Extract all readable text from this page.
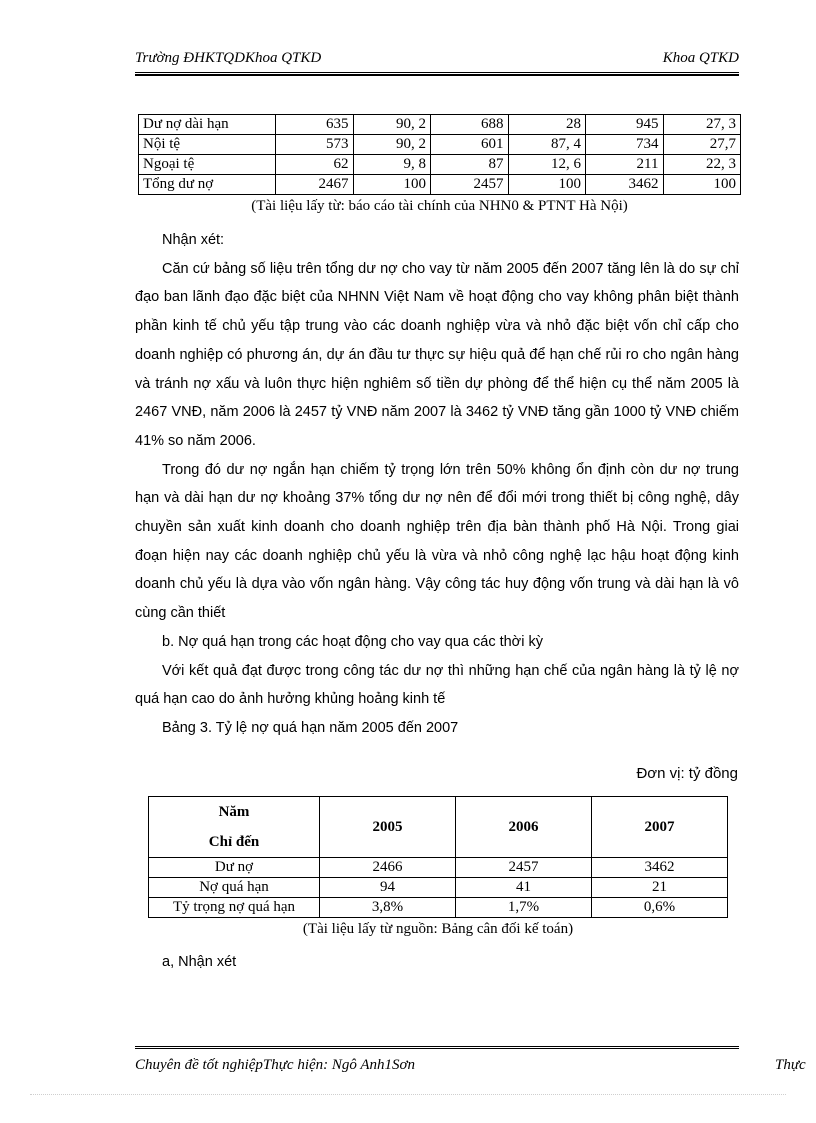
Trường ĐHKTQDKhoa QTKD	Khoa QTKD
Dư nợ dài hạn	635	90, 2	688	28	945	27, 3
Nội tệ	573	90, 2	601	87, 4	734	27,7
Ngoại tệ	62	9, 8	87	12, 6	211	22, 3
Tổng dư nợ	2467	100	2457	100	3462	100
(Tài liệu lấy từ: báo cáo tài chính của NHN0 & PTNT Hà Nội)

Nhận xét:

Căn cứ bảng số liệu trên tổng dư nợ cho vay từ năm 2005 đến 2007 tăng lên là do sự chỉ đạo ban lãnh đạo đặc biệt của NHNN Việt Nam về hoạt động cho vay không phân biệt thành phần kinh tế chủ yếu tập trung vào các doanh nghiệp vừa và nhỏ đặc biệt vốn chỉ cấp cho doanh nghiệp có phương án, dự án đầu tư thực sự hiệu quả để hạn chế rủi ro cho ngân hàng và tránh nợ xấu và luôn thực hiện nghiêm số tiền dự phòng để thể hiện cụ thể năm 2005 là 2467 VNĐ, năm 2006 là 2457 tỷ VNĐ năm 2007 là 3462 tỷ VNĐ tăng gần 1000 tỷ VNĐ chiếm 41% so năm 2006.

Trong đó dư nợ ngắn hạn chiếm tỷ trọng lớn trên 50% không ổn định còn dư nợ trung hạn và dài hạn dư nợ khoảng 37% tổng dư nợ nên để đổi mới trong thiết bị công nghệ, dây chuyền sản xuất kinh doanh cho doanh nghiệp trên địa bàn thành phố Hà Nội. Trong giai đoạn hiện nay các doanh nghiệp chủ yếu là vừa và nhỏ công nghệ lạc hậu hoạt động kinh doanh chủ yếu là dựa vào vốn ngân hàng. Vậy công tác huy động vốn trung và dài hạn là vô cùng cần thiết

b. Nợ quá hạn trong các hoạt động cho vay qua các thời kỳ

Với kết quả đạt được trong công tác dư nợ thì những hạn chế của ngân hàng là tỷ lệ nợ quá hạn cao do ảnh hưởng khủng hoảng kinh tế

Bảng 3. Tỷ lệ nợ quá hạn năm 2005 đến 2007

Đơn vị: tỷ đồng
Năm
Chỉ đến	2005	2006	2007
Dư nợ	2466	2457	3462
Nợ quá hạn	94	41	21
Tỷ trọng nợ quá hạn	3,8%	1,7%	0,6%
(Tài liệu lấy từ nguồn: Bảng cân đối kế toán)

a, Nhận xét

Chuyên đề tốt nghiệpThực hiện: Ngô Anh1Sơn	Thực
